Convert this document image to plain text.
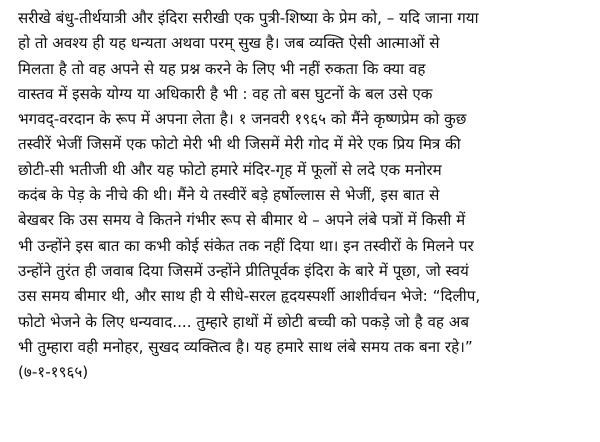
सरीखे बंधु-तीर्थयात्री और इंदिरा सरीखी एक पुत्री-शिष्या के प्रेम को, – यदि जाना गया
हो तो अवश्य ही यह धन्यता अथवा परम् सुख है। जब व्यक्ति ऐसी आत्माओं से
मिलता है तो वह अपने से यह प्रश्न करने के लिए भी नहीं रुकता कि क्या वह
वास्तव में इसके योग्य या अधिकारी है भी : वह तो बस घुटनों के बल उसे एक
भगवद्-वरदान के रूप में अपना लेता है। १ जनवरी १९६५ को मैंने कृष्णप्रेम को कुछ
तस्वीरें भेजीं जिसमें एक फोटो मेरी भी थी जिसमें मेरी गोद में मेरे एक प्रिय मित्र की
छोटी-सी भतीजी थी और यह फोटो हमारे मंदिर-गृह में फूलों से लदे एक मनोरम
कदंब के पेड़ के नीचे की थी। मैंने ये तस्वीरें बड़े हर्षोल्लास से भेजीं, इस बात से
बेखबर कि उस समय वे कितने गंभीर रूप से बीमार थे – अपने लंबे पत्रों में किसी में
भी उन्होंने इस बात का कभी कोई संकेत तक नहीं दिया था। इन तस्वीरों के मिलने पर
उन्होंने तुरंत ही जवाब दिया जिसमें उन्होंने प्रीतिपूर्वक इंदिरा के बारे में पूछा, जो स्वयं
उस समय बीमार थी, और साथ ही ये सीधे-सरल हृदयस्पर्शी आशीर्वचन भेजे: “दिलीप,
फोटो भेजने के लिए धन्यवाद.... तुम्हारे हाथों में छोटी बच्ची को पकड़े जो है वह अब
भी तुम्हारा वही मनोहर, सुखद व्यक्तित्व है। यह हमारे साथ लंबे समय तक बना रहे।”
(७-१-१९६५)
